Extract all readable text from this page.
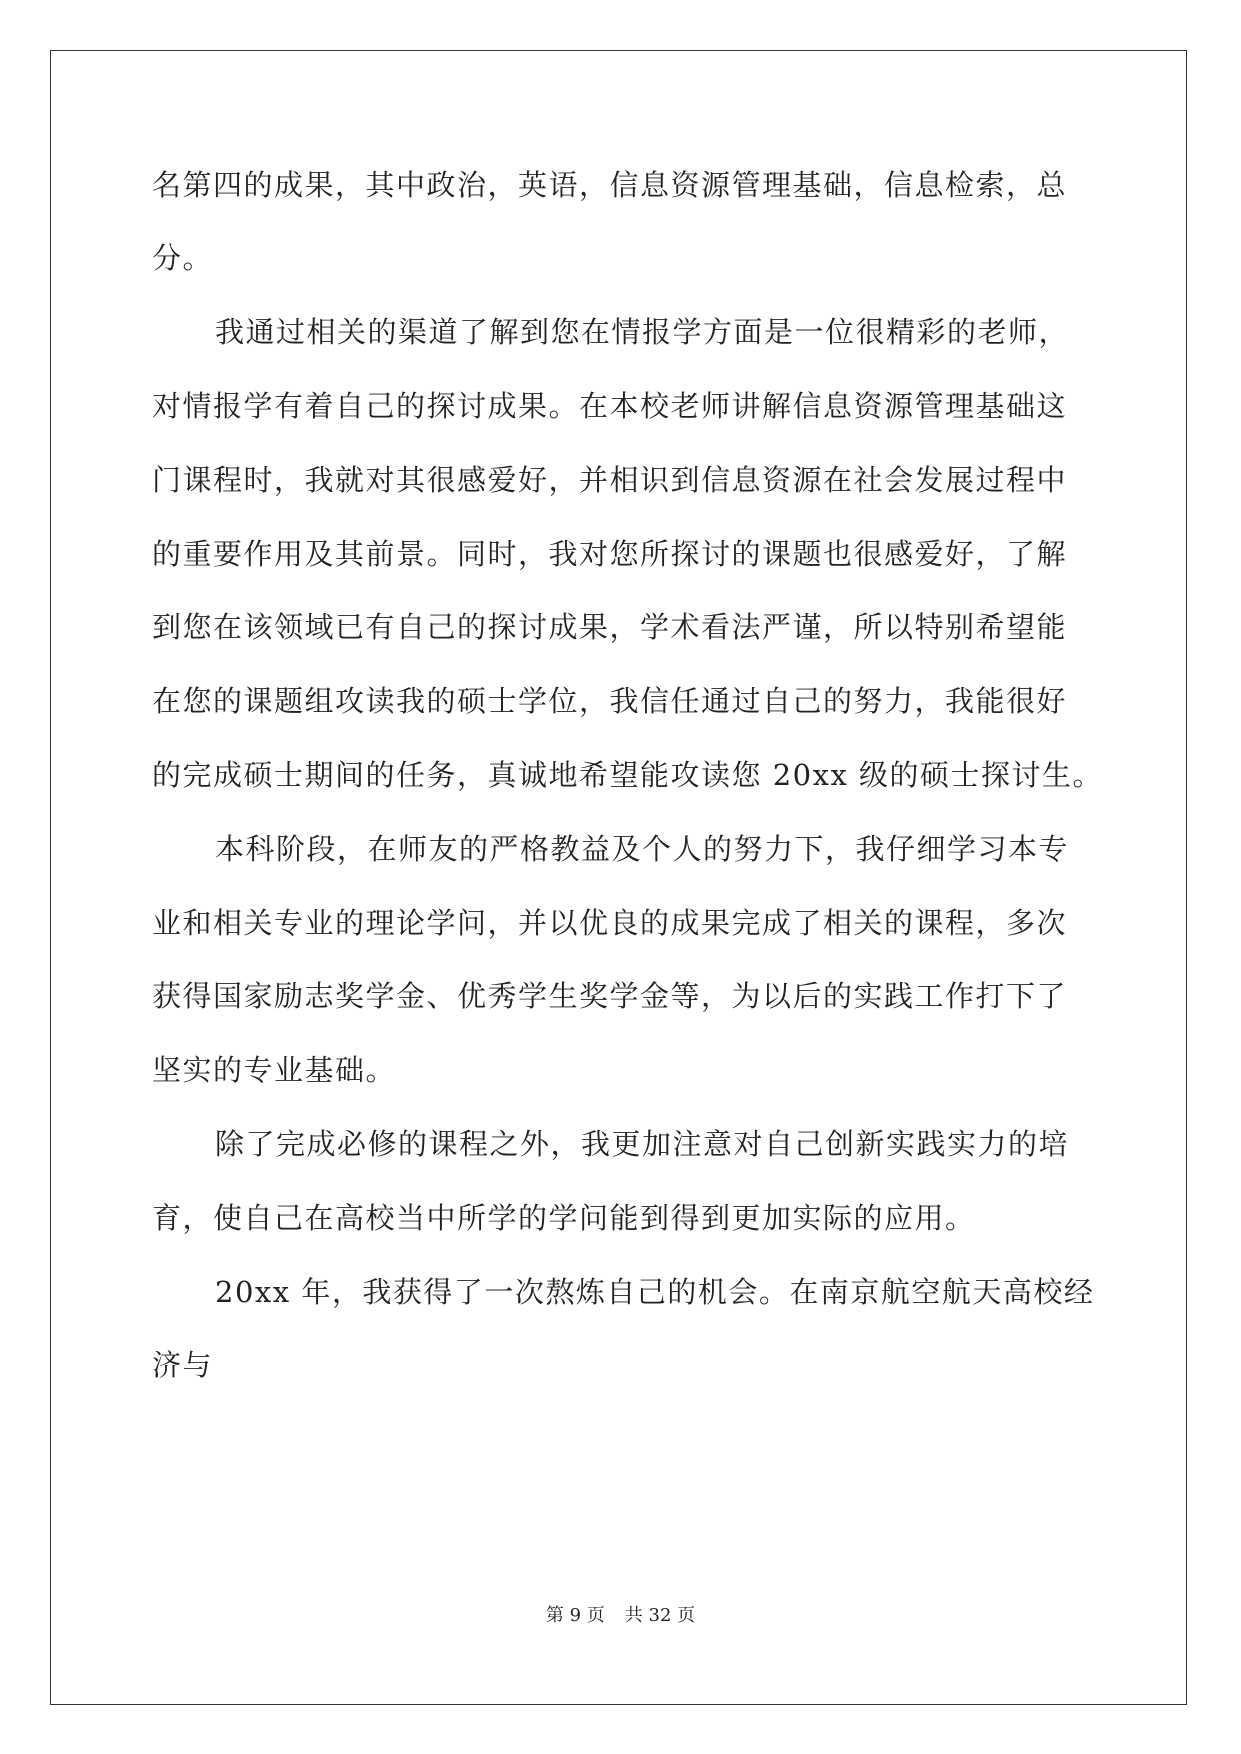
名第四的成果，其中政治，英语，信息资源管理基础，信息检索，总
分。
我通过相关的渠道了解到您在情报学方面是一位很精彩的老师，
对情报学有着自己的探讨成果。在本校老师讲解信息资源管理基础这
门课程时，我就对其很感爱好，并相识到信息资源在社会发展过程中
的重要作用及其前景。同时，我对您所探讨的课题也很感爱好，了解
到您在该领域已有自己的探讨成果，学术看法严谨，所以特别希望能
在您的课题组攻读我的硕士学位，我信任通过自己的努力，我能很好
的完成硕士期间的任务，真诚地希望能攻读您 20xx 级的硕士探讨生。
本科阶段，在师友的严格教益及个人的努力下，我仔细学习本专
业和相关专业的理论学问，并以优良的成果完成了相关的课程，多次
获得国家励志奖学金、优秀学生奖学金等，为以后的实践工作打下了
坚实的专业基础。
除了完成必修的课程之外，我更加注意对自己创新实践实力的培
育，使自己在高校当中所学的学问能到得到更加实际的应用。
20xx 年，我获得了一次熬炼自己的机会。在南京航空航天高校经
济与
第 9 页 共 32 页
